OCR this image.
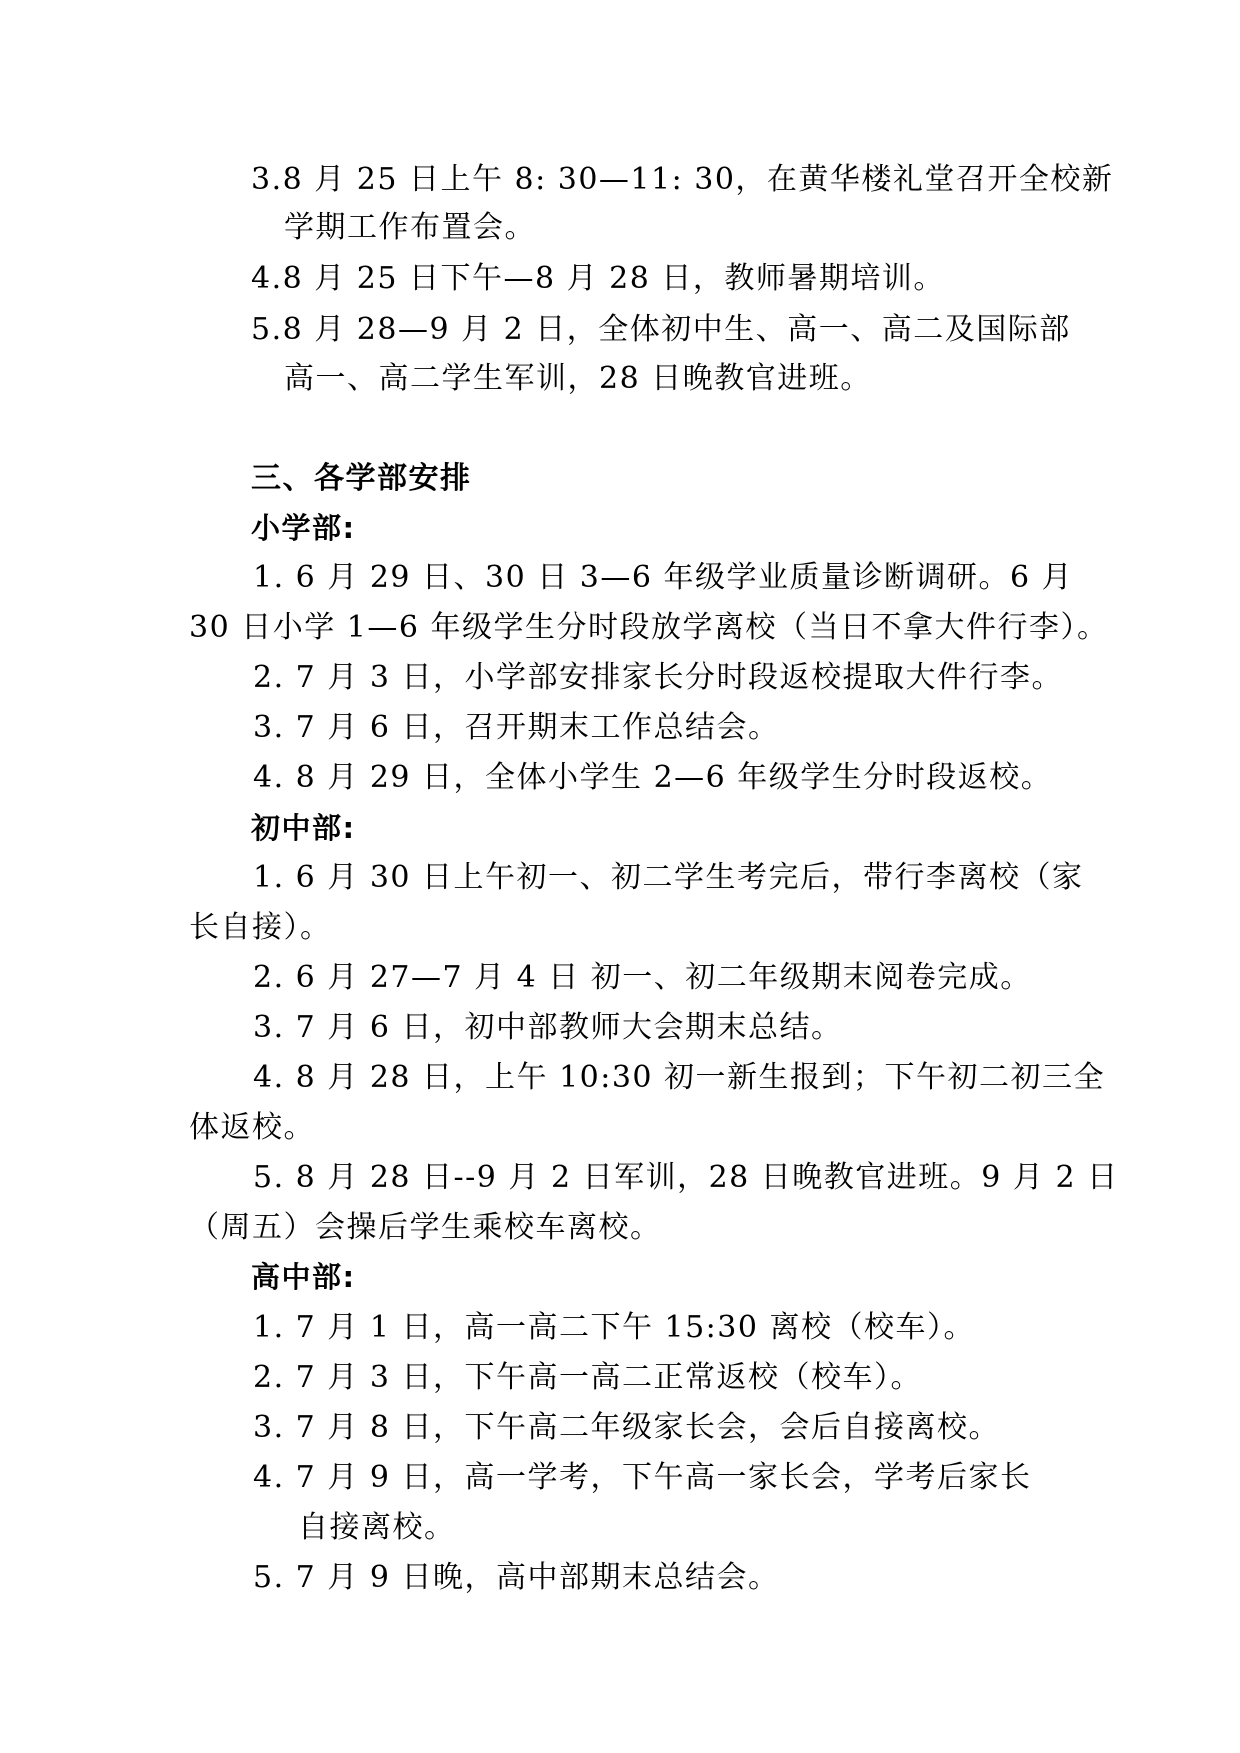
3.8 月 25 日上午 8: 30—11: 30，在黄华楼礼堂召开全校新
学期工作布置会。
4.8 月 25 日下午—8 月 28 日，教师暑期培训。
5.8 月 28—9 月 2 日，全体初中生、高一、高二及国际部
高一、高二学生军训，28 日晚教官进班。
三、各学部安排
小学部:
1. 6 月 29 日、30 日 3—6 年级学业质量诊断调研。6 月
30 日小学 1—6 年级学生分时段放学离校（当日不拿大件行李）。
2. 7 月 3 日，小学部安排家长分时段返校提取大件行李。
3. 7 月 6 日，召开期末工作总结会。
4. 8 月 29 日，全体小学生 2—6 年级学生分时段返校。
初中部:
1. 6 月 30 日上午初一、初二学生考完后，带行李离校（家
长自接）。
2. 6 月 27—7 月 4 日 初一、初二年级期末阅卷完成。
3. 7 月 6 日，初中部教师大会期末总结。
4. 8 月 28 日，上午 10:30 初一新生报到；下午初二初三全
体返校。
5. 8 月 28 日--9 月 2 日军训，28 日晚教官进班。9 月 2 日
（周五）会操后学生乘校车离校。
高中部:
1. 7 月 1 日，高一高二下午 15:30 离校（校车）。
2. 7 月 3 日，下午高一高二正常返校（校车）。
3. 7 月 8 日，下午高二年级家长会，会后自接离校。
4. 7 月 9 日，高一学考，下午高一家长会，学考后家长
自接离校。
5. 7 月 9 日晚，高中部期末总结会。
